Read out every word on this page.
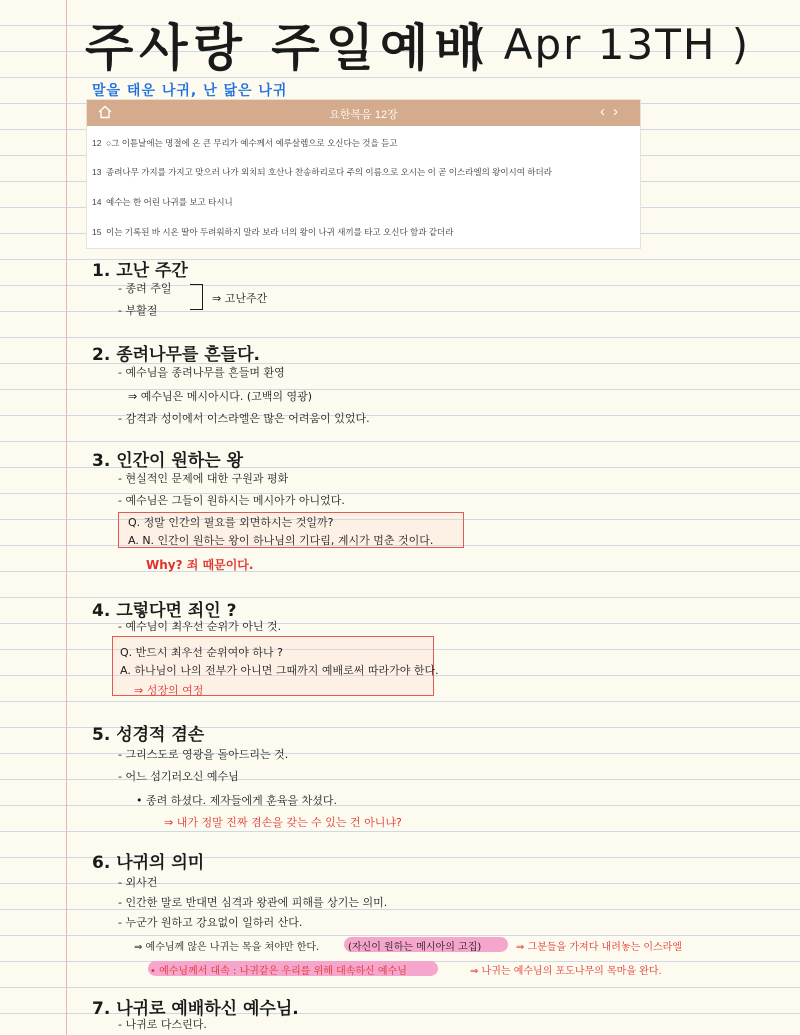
주사랑 주일예배
( Apr 13TH )
말을 태운 나귀, 난 닮은 나귀
요한복음 12장	‹›
12 ○그 이튿날에는 명절에 온 큰 무리가 예수께서 예루살렘으로 오신다는 것을 듣고
13 종려나무 가지를 가지고 맞으러 나가 외치되 호산나 찬송하리로다 주의 이름으로 오시는 이 곧 이스라엘의 왕이시여 하더라
14 예수는 한 어린 나귀를 보고 타시니
15 이는 기록된 바 시온 딸아 두려워하지 말라 보라 너의 왕이 나귀 새끼를 타고 오신다 함과 같더라
1. 고난 주간
- 종려 주일
- 부활절
⇒ 고난주간
2. 종려나무를 흔들다.
- 예수님을 종려나무를 흔들며 환영
⇒ 예수님은 메시아시다. (고백의 영광)
- 감격과 성이에서 이스라엘은 많은 어려움이 있었다.
3. 인간이 원하는 왕
- 현실적인 문제에 대한 구원과 평화
- 예수님은 그들이 원하시는 메시아가 아니었다.
Q. 정말 인간의 필요를 외면하시는 것일까?
A. N. 인간이 원하는 왕이 하나님의 기다림, 계시가 멈춘 것이다.
Why? 죄 때문이다.
4. 그렇다면 죄인 ?
- 예수님이 최우선 순위가 아닌 것.
Q. 반드시 최우선 순위여야 하나 ?
A. 하나님이 나의 전부가 아니면 그때까지 예배로써 따라가야 한다.
⇒ 성장의 여정
5. 성경적 겸손
- 그리스도로 영광을 돌아드리는 것.
- 어느 섬기러오신 예수님
• 종려 하셨다. 제자들에게 훈육을 차셨다.
⇒ 내가 정말 진짜 겸손을 갖는 수 있는 건 아니냐?
6. 나귀의 의미
- 외사건
- 인간한 말로 반대면 심격과 왕관에 피해를 상기는 의미.
- 누군가 원하고 강요없이 일하러 산다.
⇒ 예수님께 않은 나귀는 목을 쳐야만 한다.	(자신이 원하는 메시아의 고집)	⇒ 그분들을 가져다 내려놓는 이스라엘
• 예수님께서 대속 : 나귀같은 우리를 위해 대속하신 예수님	⇒ 나귀는 예수님의 포도나무의 목마을 완다.
7. 나귀로 예배하신 예수님.
- 나귀로 다스린다.
